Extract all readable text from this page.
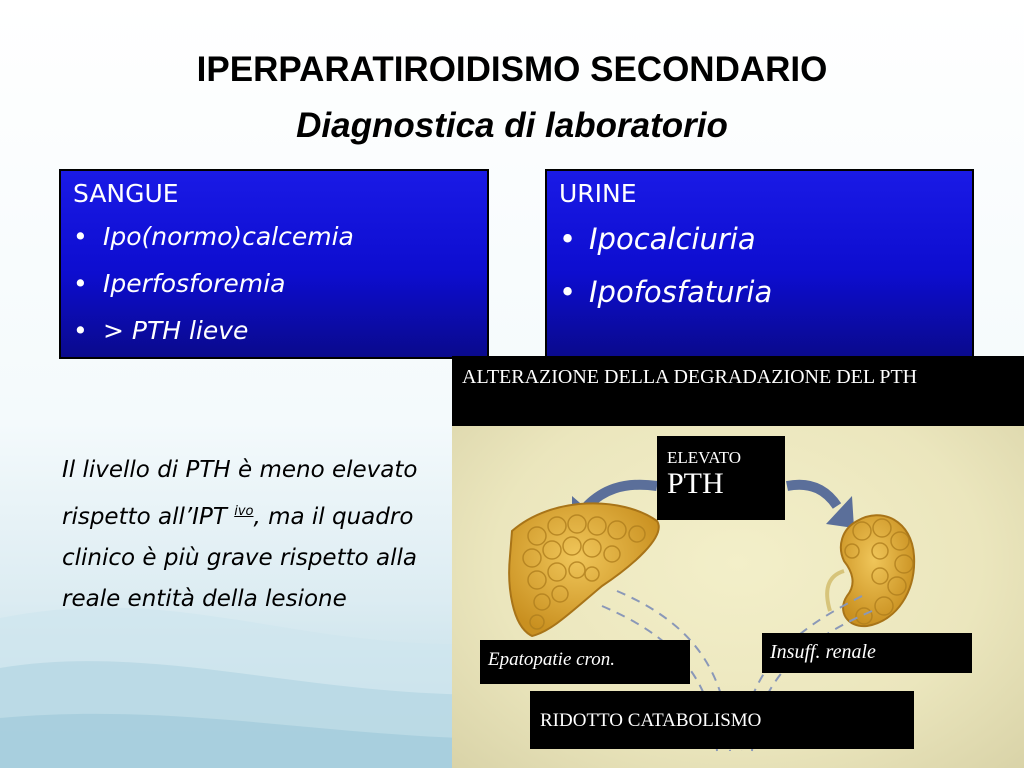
IPERPARATIROIDISMO SECONDARIO
Diagnostica di laboratorio
SANGUE
• Ipo(normo)calcemia
• Iperfosforemia
• > PTH lieve
URINE
• Ipocalciuria
• Ipofosfaturia
Il livello di PTH è meno elevato rispetto all’IPT $^{ivo}$, ma il quadro clinico è più grave rispetto alla reale entità della lesione
ALTERAZIONE DELLA DEGRADAZIONE DEL PTH
ELEVATO
PTH
Epatopatie cron.	Insuff. renale
RIDOTTO CATABOLISMO
